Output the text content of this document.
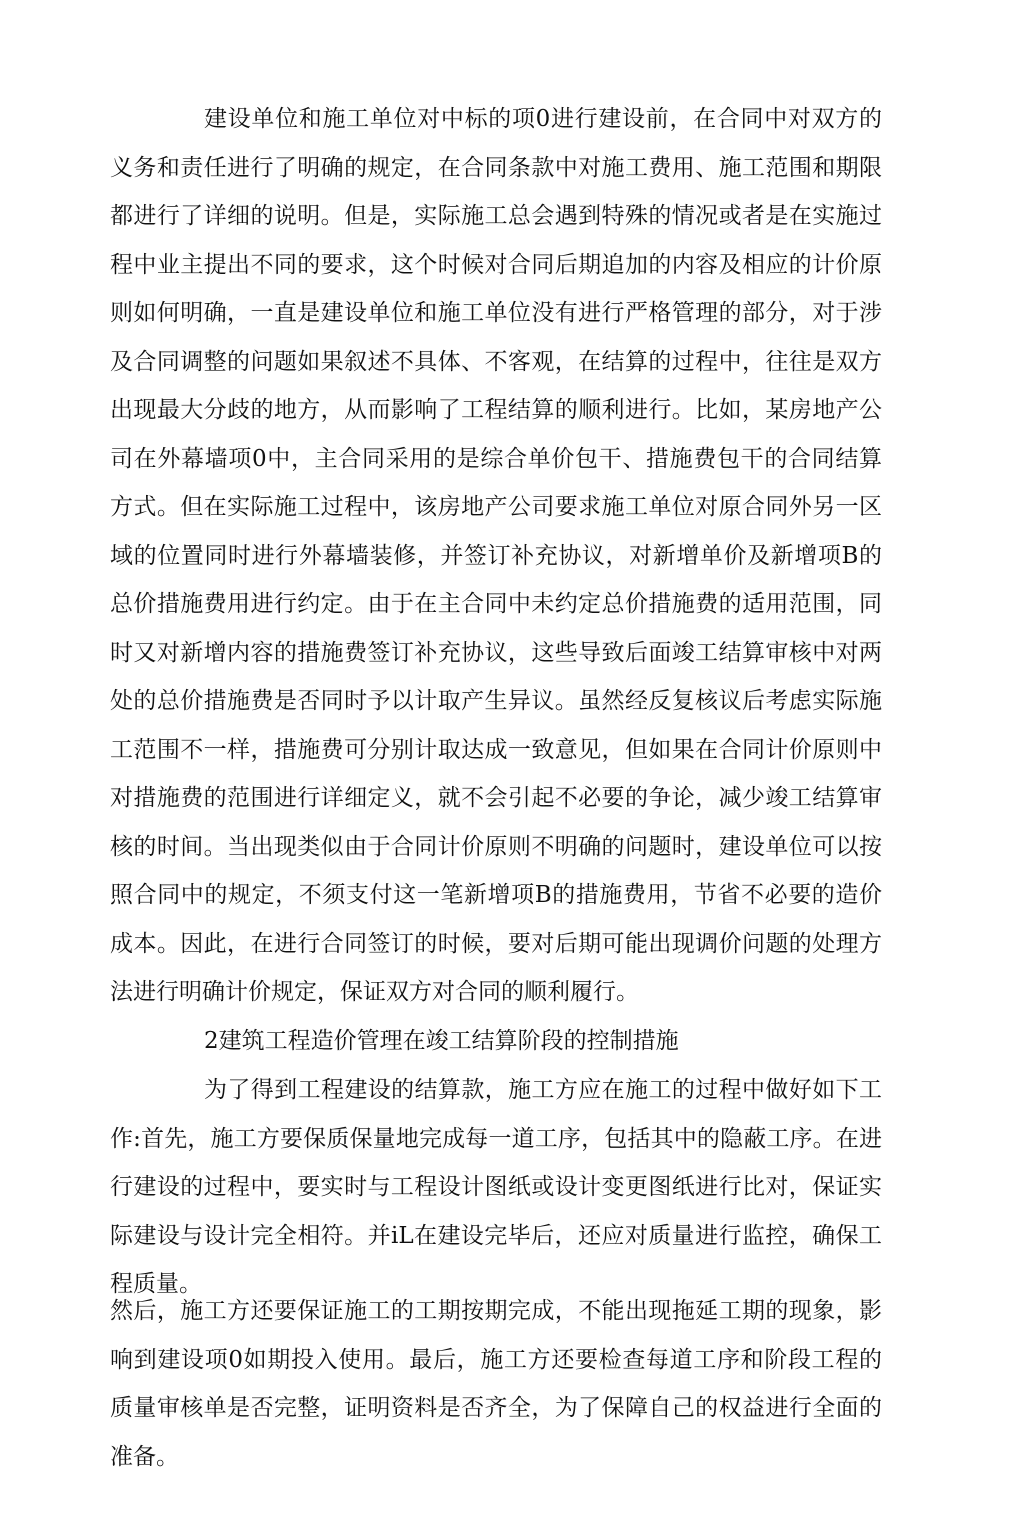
建设单位和施工单位对中标的项0进行建设前，在合同中对双方的义务和责任进行了明确的规定，在合同条款中对施工费用、施工范围和期限都进行了详细的说明。但是，实际施工总会遇到特殊的情况或者是在实施过程中业主提出不同的要求，这个时候对合同后期追加的内容及相应的计价原则如何明确，一直是建设单位和施工单位没有进行严格管理的部分，对于涉及合同调整的问题如果叙述不具体、不客观，在结算的过程中，往往是双方出现最大分歧的地方，从而影响了工程结算的顺利进行。比如，某房地产公司在外幕墙项0中，主合同采用的是综合单价包干、措施费包干的合同结算方式。但在实际施工过程中，该房地产公司要求施工单位对原合同外另一区域的位置同时进行外幕墙装修，并签订补充协议，对新增单价及新增项B的总价措施费用进行约定。由于在主合同中未约定总价措施费的适用范围，同时又对新增内容的措施费签订补充协议，这些导致后面竣工结算审核中对两处的总价措施费是否同时予以计取产生异议。虽然经反复核议后考虑实际施工范围不一样，措施费可分别计取达成一致意见，但如果在合同计价原则中对措施费的范围进行详细定义，就不会引起不必要的争论，减少竣工结算审核的时间。当出现类似由于合同计价原则不明确的问题时，建设单位可以按照合同中的规定，不须支付这一笔新增项B的措施费用，节省不必要的造价成本。因此，在进行合同签订的时候，要对后期可能出现调价问题的处理方法进行明确计价规定，保证双方对合同的顺利履行。

2建筑工程造价管理在竣工结算阶段的控制措施

为了得到工程建设的结算款，施工方应在施工的过程中做好如下工作:首先，施工方要保质保量地完成每一道工序，包括其中的隐蔽工序。在进行建设的过程中，要实时与工程设计图纸或设计变更图纸进行比对，保证实际建设与设计完全相符。并iL在建设完毕后，还应对质量进行监控，确保工程质量。

然后，施工方还要保证施工的工期按期完成，不能出现拖延工期的现象，影响到建设项0如期投入使用。最后，施工方还要检查每道工序和阶段工程的质量审核单是否完整，证明资料是否齐全，为了保障自己的权益进行全面的准备。
